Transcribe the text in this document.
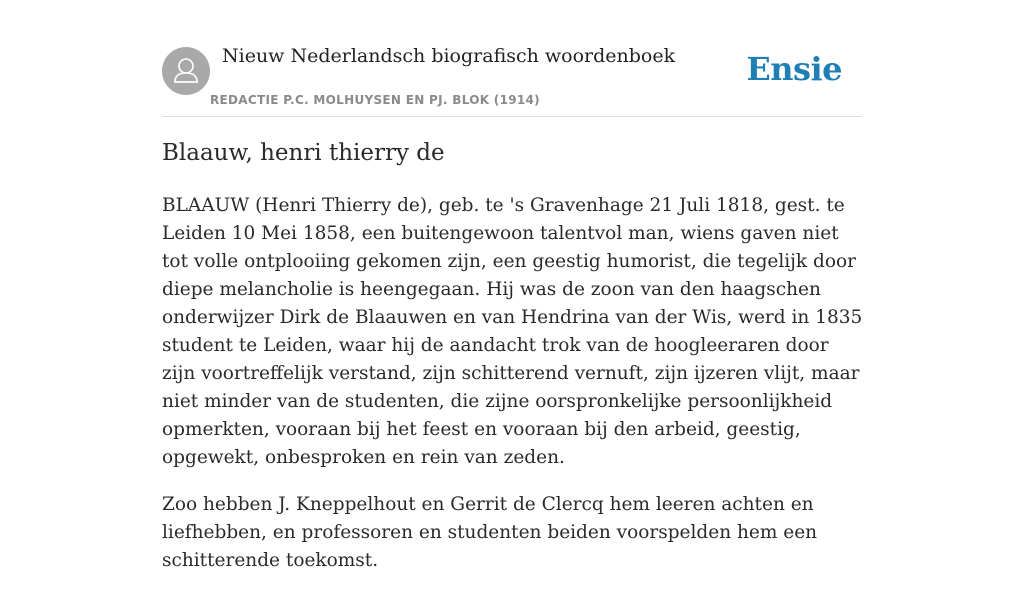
Nieuw Nederlandsch biografisch woordenboek
REDACTIE P.C. MOLHUYSEN EN PJ. BLOK (1914)
Ensie
Blaauw, henri thierry de

BLAAUW (Henri Thierry de), geb. te 's Gravenhage 21 Juli 1818, gest. te Leiden 10 Mei 1858, een buitengewoon talentvol man, wiens gaven niet tot volle ontplooiing gekomen zijn, een geestig humorist, die tegelijk door diepe melancholie is heengegaan. Hij was de zoon van den haagschen onderwijzer Dirk de Blaauwen en van Hendrina van der Wis, werd in 1835 student te Leiden, waar hij de aandacht trok van de hoogleeraren door zijn voortreffelijk verstand, zijn schitterend vernuft, zijn ijzeren vlijt, maar niet minder van de studenten, die zijne oorspronkelijke persoonlijkheid opmerkten, vooraan bij het feest en vooraan bij den arbeid, geestig, opgewekt, onbesproken en rein van zeden.

Zoo hebben J. Kneppelhout en Gerrit de Clercq hem leeren achten en liefhebben, en professoren en studenten beiden voorspelden hem een schitterende toekomst.
